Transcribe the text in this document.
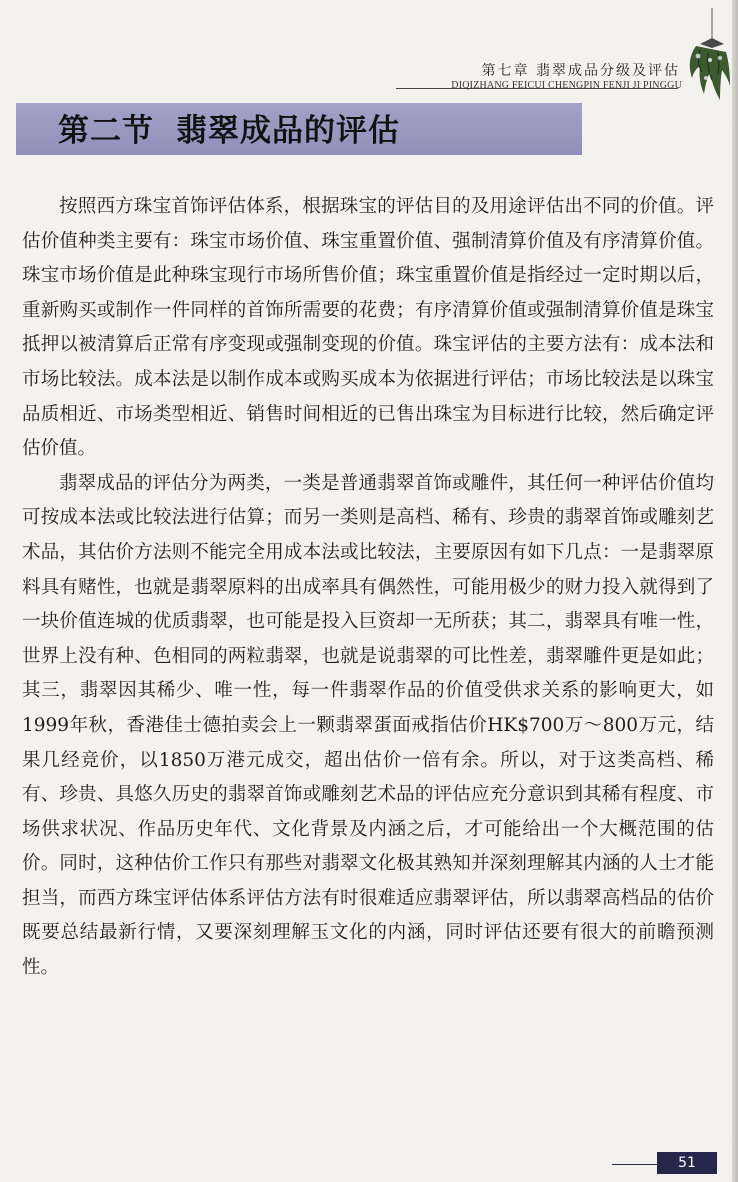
第七章 翡翠成品分级及评估
DIQIZHANG FEICUI CHENGPIN FENJI JI PINGGU
第二节 翡翠成品的评估

按照西方珠宝首饰评估体系，根据珠宝的评估目的及用途评估出不同的价值。评估价值种类主要有：珠宝市场价值、珠宝重置价值、强制清算价值及有序清算价值。珠宝市场价值是此种珠宝现行市场所售价值；珠宝重置价值是指经过一定时期以后，重新购买或制作一件同样的首饰所需要的花费；有序清算价值或强制清算价值是珠宝抵押以被清算后正常有序变现或强制变现的价值。珠宝评估的主要方法有：成本法和市场比较法。成本法是以制作成本或购买成本为依据进行评估；市场比较法是以珠宝品质相近、市场类型相近、销售时间相近的已售出珠宝为目标进行比较，然后确定评估价值。

翡翠成品的评估分为两类，一类是普通翡翠首饰或雕件，其任何一种评估价值均可按成本法或比较法进行估算；而另一类则是高档、稀有、珍贵的翡翠首饰或雕刻艺术品，其估价方法则不能完全用成本法或比较法，主要原因有如下几点：一是翡翠原料具有赌性，也就是翡翠原料的出成率具有偶然性，可能用极少的财力投入就得到了一块价值连城的优质翡翠，也可能是投入巨资却一无所获；其二，翡翠具有唯一性，世界上没有种、色相同的两粒翡翠，也就是说翡翠的可比性差，翡翠雕件更是如此；其三，翡翠因其稀少、唯一性，每一件翡翠作品的价值受供求关系的影响更大，如1999年秋，香港佳士德拍卖会上一颗翡翠蛋面戒指估价HK$700万～800万元，结果几经竞价，以1850万港元成交，超出估价一倍有余。所以，对于这类高档、稀有、珍贵、具悠久历史的翡翠首饰或雕刻艺术品的评估应充分意识到其稀有程度、市场供求状况、作品历史年代、文化背景及内涵之后，才可能给出一个大概范围的估价。同时，这种估价工作只有那些对翡翠文化极其熟知并深刻理解其内涵的人士才能担当，而西方珠宝评估体系评估方法有时很难适应翡翠评估，所以翡翠高档品的估价既要总结最新行情，又要深刻理解玉文化的内涵，同时评估还要有很大的前瞻预测性。

51
